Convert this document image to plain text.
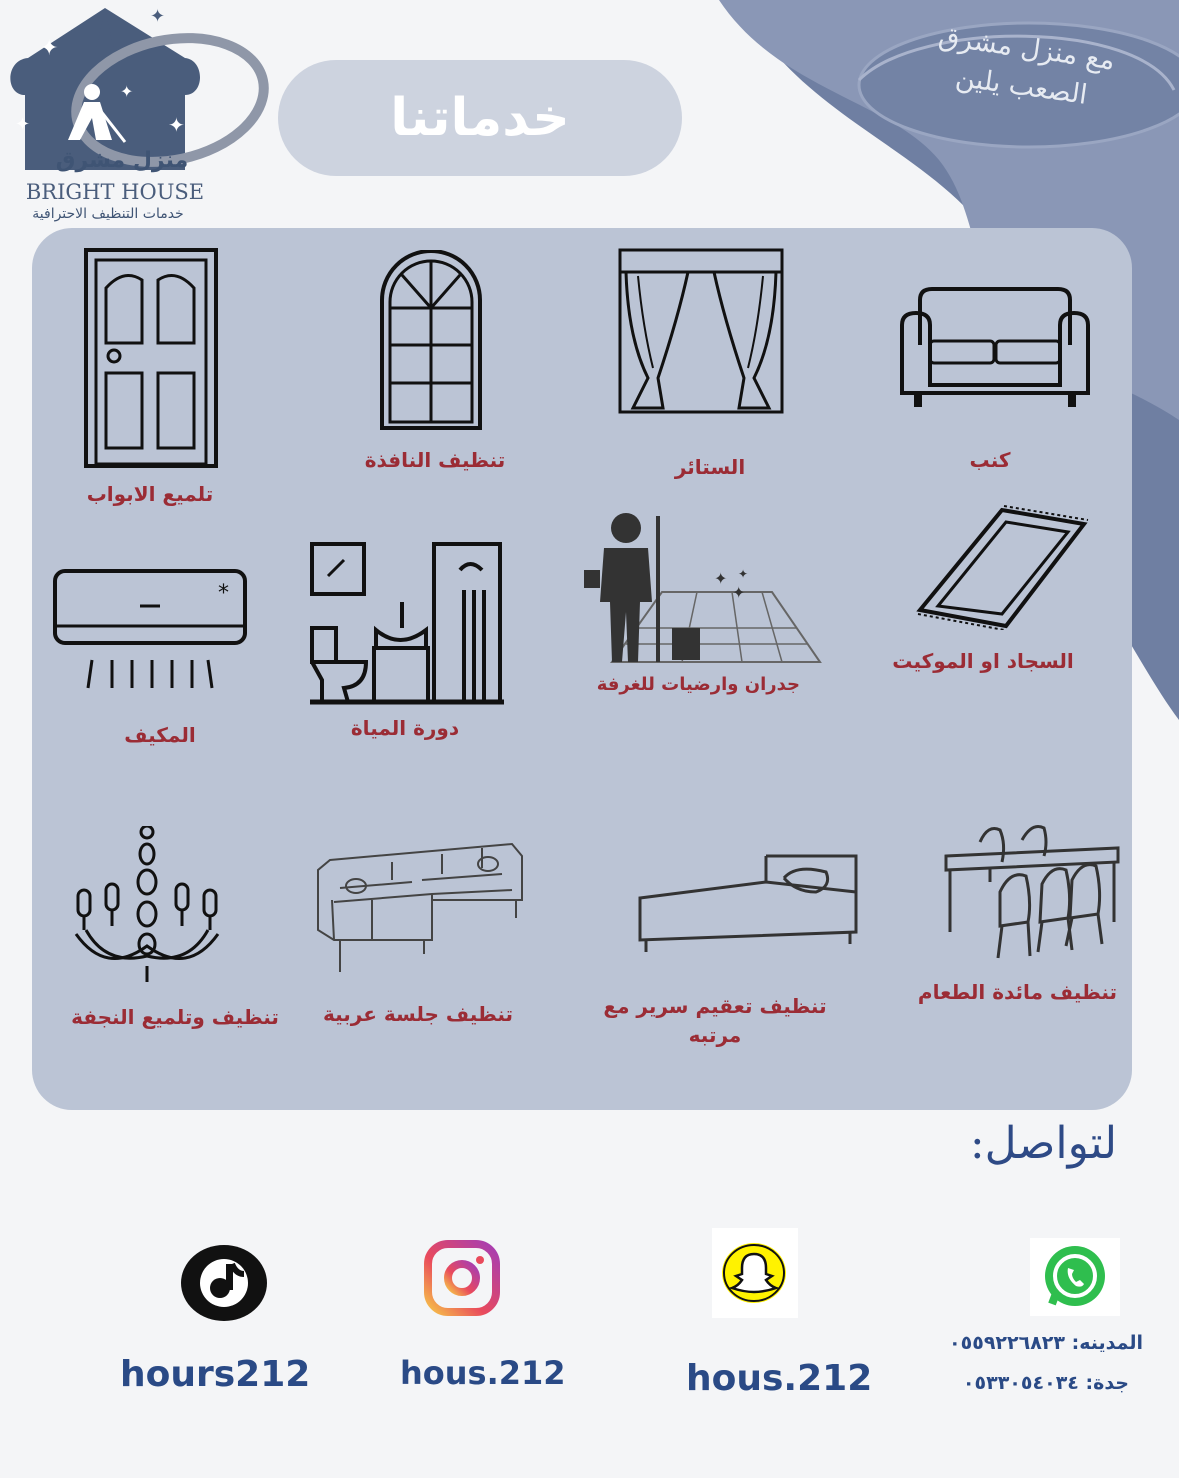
مع منزل مشرق
الصعب يلين
✦
✦
✦	✦
✦
منزل مشرق
BRIGHT HOUSE
خدمات التنظيف الاحترافية
خدماتنا
تلميع الابواب
تنظيف النافذة	الستائر	كنب
*
المكيف	دورة المياة
✦
✦
✦
جدران وارضيات للغرفة
السجاد او الموكيت
تنظيف وتلميع النجفة	تنظيف جلسة عربية	تنظيف تعقيم سرير مع
مرتبه
تنظيف مائدة الطعام
لتواصل:
hours212	hous.212	hous.212
المدينه: ٠٥٥٩٢٢٦٨٢٣
جدة: ٠٥٣٣٠٥٤٠٣٤
